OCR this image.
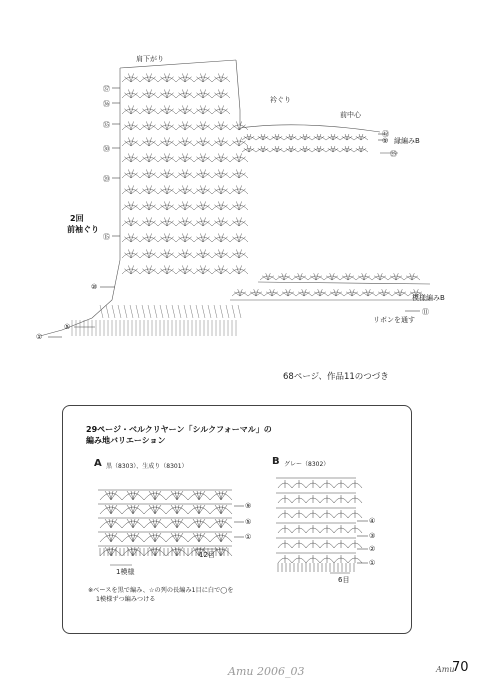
肩下がり
衿ぐり
前中心
縁編みB
2回
前袖ぐり
模様編みB
リボンを通す
㊲
㊱
㉟
㉚
⑳
⑮
⑩
⑤
①
㊷
①
㉕
⑪
68ページ、作品11のつづき
29ページ・ベルクリヤーン「シルクフォーマル」の
編み地バリエーション
A 黒（8303）、生成り（8301）	B グレー（8302）
⑨
⑤
①
12目
1模様
④
③
②
①
6目
※ベースを黒で編み、☆の列の長編み1目に白で◯を
1模様ずつ編みつける
Amu 2006_03	Amu
70
